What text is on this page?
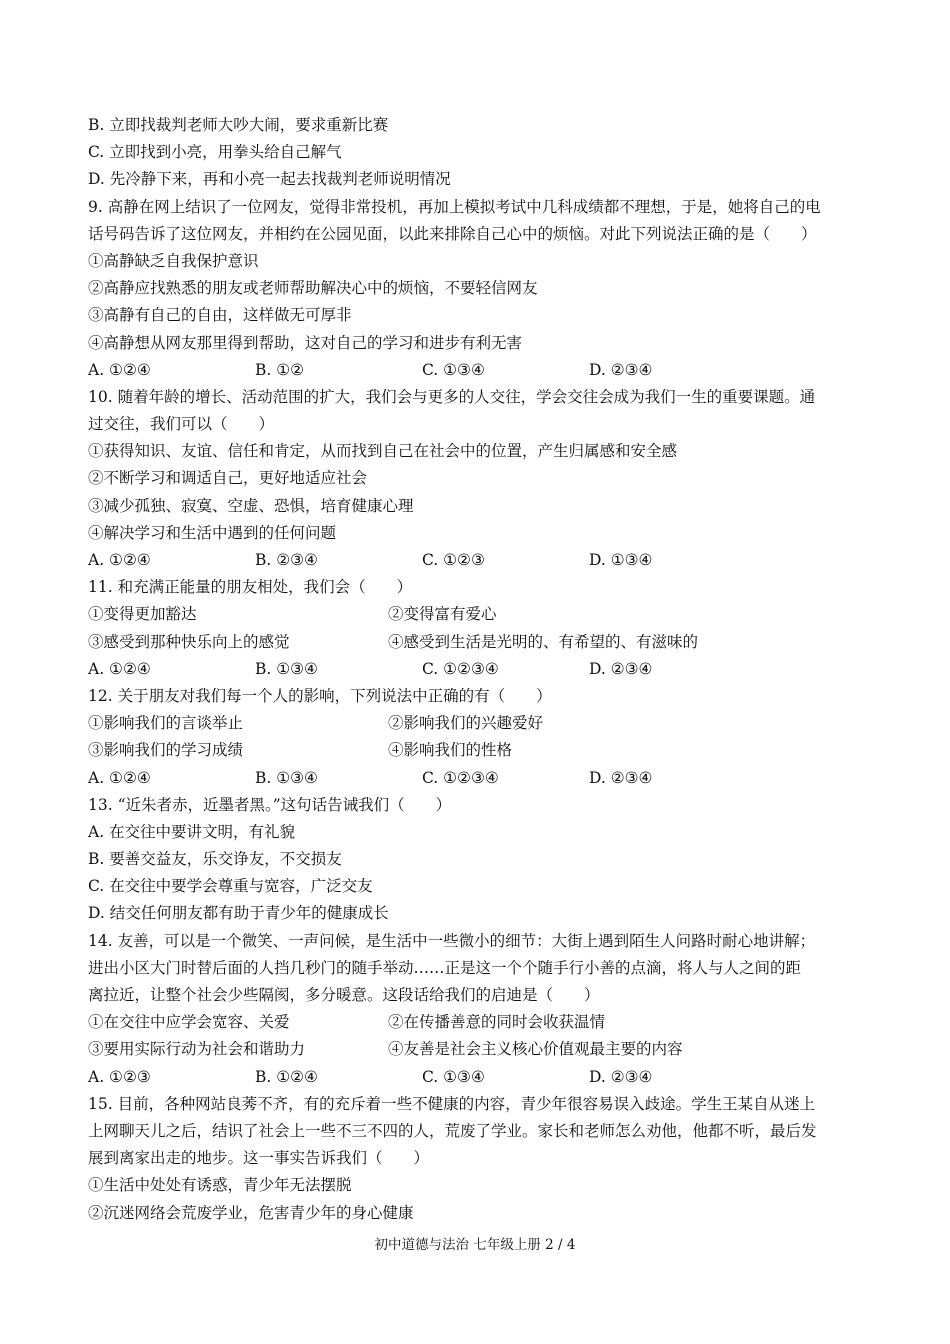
B. 立即找裁判老师大吵大闹，要求重新比赛
C. 立即找到小亮，用拳头给自己解气
D. 先冷静下来，再和小亮一起去找裁判老师说明情况
9. 高静在网上结识了一位网友，觉得非常投机，再加上模拟考试中几科成绩都不理想，于是，她将自己的电
话号码告诉了这位网友，并相约在公园见面，以此来排除自己心中的烦恼。对此下列说法正确的是（　　）
①高静缺乏自我保护意识
②高静应找熟悉的朋友或老师帮助解决心中的烦恼，不要轻信网友
③高静有自己的自由，这样做无可厚非
④高静想从网友那里得到帮助，这对自己的学习和进步有利无害
A. ①②④	B. ①②	C. ①③④	D. ②③④
10. 随着年龄的增长、活动范围的扩大，我们会与更多的人交往，学会交往会成为我们一生的重要课题。通
过交往，我们可以（　　）
①获得知识、友谊、信任和肯定，从而找到自己在社会中的位置，产生归属感和安全感
②不断学习和调适自己，更好地适应社会
③减少孤独、寂寞、空虚、恐惧，培育健康心理
④解决学习和生活中遇到的任何问题
A. ①②④	B. ②③④	C. ①②③	D. ①③④
11. 和充满正能量的朋友相处，我们会（　　）
①变得更加豁达	②变得富有爱心
③感受到那种快乐向上的感觉	④感受到生活是光明的、有希望的、有滋味的
A. ①②④	B. ①③④	C. ①②③④	D. ②③④
12. 关于朋友对我们每一个人的影响，下列说法中正确的有（　　）
①影响我们的言谈举止	②影响我们的兴趣爱好
③影响我们的学习成绩	④影响我们的性格
A. ①②④	B. ①③④	C. ①②③④	D. ②③④
13. “近朱者赤，近墨者黑。”这句话告诫我们（　　）
A. 在交往中要讲文明，有礼貌
B. 要善交益友，乐交诤友，不交损友
C. 在交往中要学会尊重与宽容，广泛交友
D. 结交任何朋友都有助于青少年的健康成长
14. 友善，可以是一个微笑、一声问候，是生活中一些微小的细节：大街上遇到陌生人问路时耐心地讲解；
进出小区大门时替后面的人挡几秒门的随手举动……正是这一个个随手行小善的点滴，将人与人之间的距
离拉近，让整个社会少些隔阂，多分暖意。这段话给我们的启迪是（　　）
①在交往中应学会宽容、关爱	②在传播善意的同时会收获温情
③要用实际行动为社会和谐助力	④友善是社会主义核心价值观最主要的内容
A. ①②③	B. ①②④	C. ①③④	D. ②③④
15. 目前，各种网站良莠不齐，有的充斥着一些不健康的内容，青少年很容易误入歧途。学生王某自从迷上
上网聊天儿之后，结识了社会上一些不三不四的人，荒废了学业。家长和老师怎么劝他，他都不听，最后发
展到离家出走的地步。这一事实告诉我们（　　）
①生活中处处有诱惑，青少年无法摆脱
②沉迷网络会荒废学业，危害青少年的身心健康
初中道德与法治 七年级上册 2 / 4
